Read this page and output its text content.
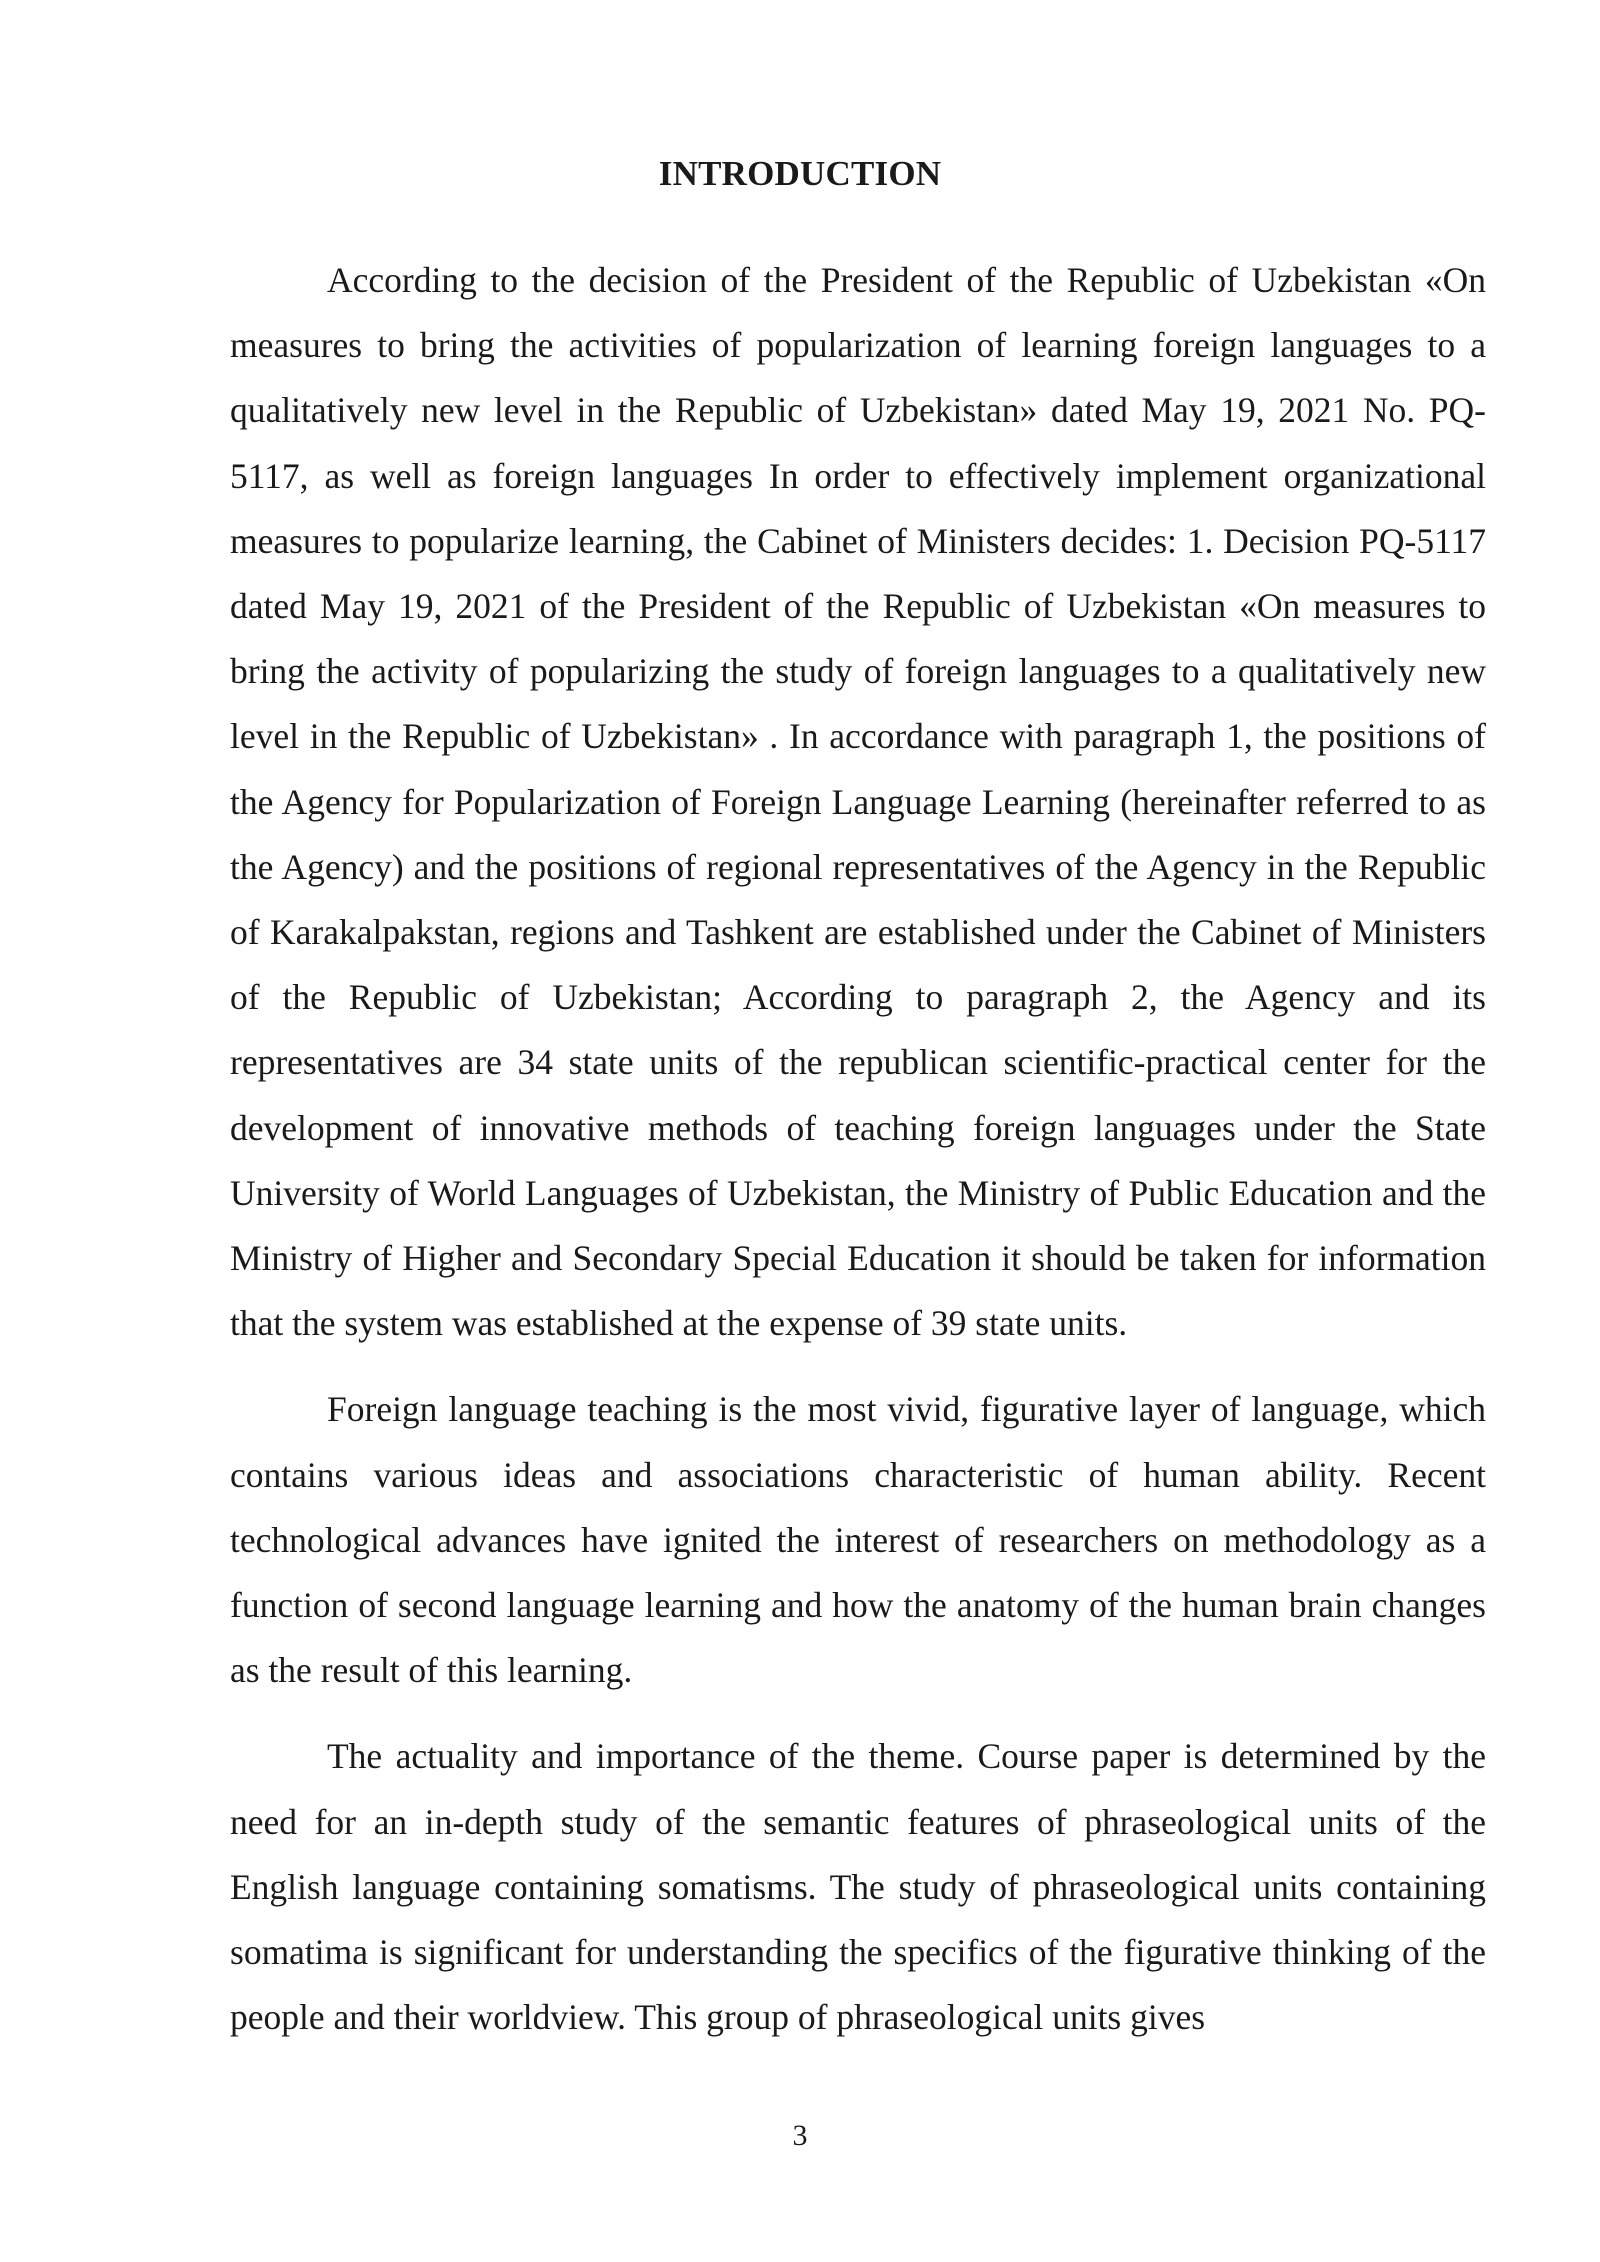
INTRODUCTION

According to the decision of the President of the Republic of Uzbekistan «On measures to bring the activities of popularization of learning foreign languages to a qualitatively new level in the Republic of Uzbekistan» dated May 19, 2021 No. PQ-5117, as well as foreign languages In order to effectively implement organizational measures to popularize learning, the Cabinet of Ministers decides: 1. Decision PQ-5117 dated May 19, 2021 of the President of the Republic of Uzbekistan «On measures to bring the activity of popularizing the study of foreign languages to a qualitatively new level in the Republic of Uzbekistan» . In accordance with paragraph 1, the positions of the Agency for Popularization of Foreign Language Learning (hereinafter referred to as the Agency) and the positions of regional representatives of the Agency in the Republic of Karakalpakstan, regions and Tashkent are established under the Cabinet of Ministers of the Republic of Uzbekistan; According to paragraph 2, the Agency and its representatives are 34 state units of the republican scientific-practical center for the development of innovative methods of teaching foreign languages under the State University of World Languages of Uzbekistan, the Ministry of Public Education and the Ministry of Higher and Secondary Special Education it should be taken for information that the system was established at the expense of 39 state units.

Foreign language teaching is the most vivid, figurative layer of language, which contains various ideas and associations characteristic of human ability. Recent technological advances have ignited the interest of researchers on methodology as a function of second language learning and how the anatomy of the human brain changes as the result of this learning.

The actuality and importance of the theme. Course paper is determined by the need for an in-depth study of the semantic features of phraseological units of the English language containing somatisms. The study of phraseological units containing somatima is significant for understanding the specifics of the figurative thinking of the people and their worldview. This group of phraseological units gives

3
